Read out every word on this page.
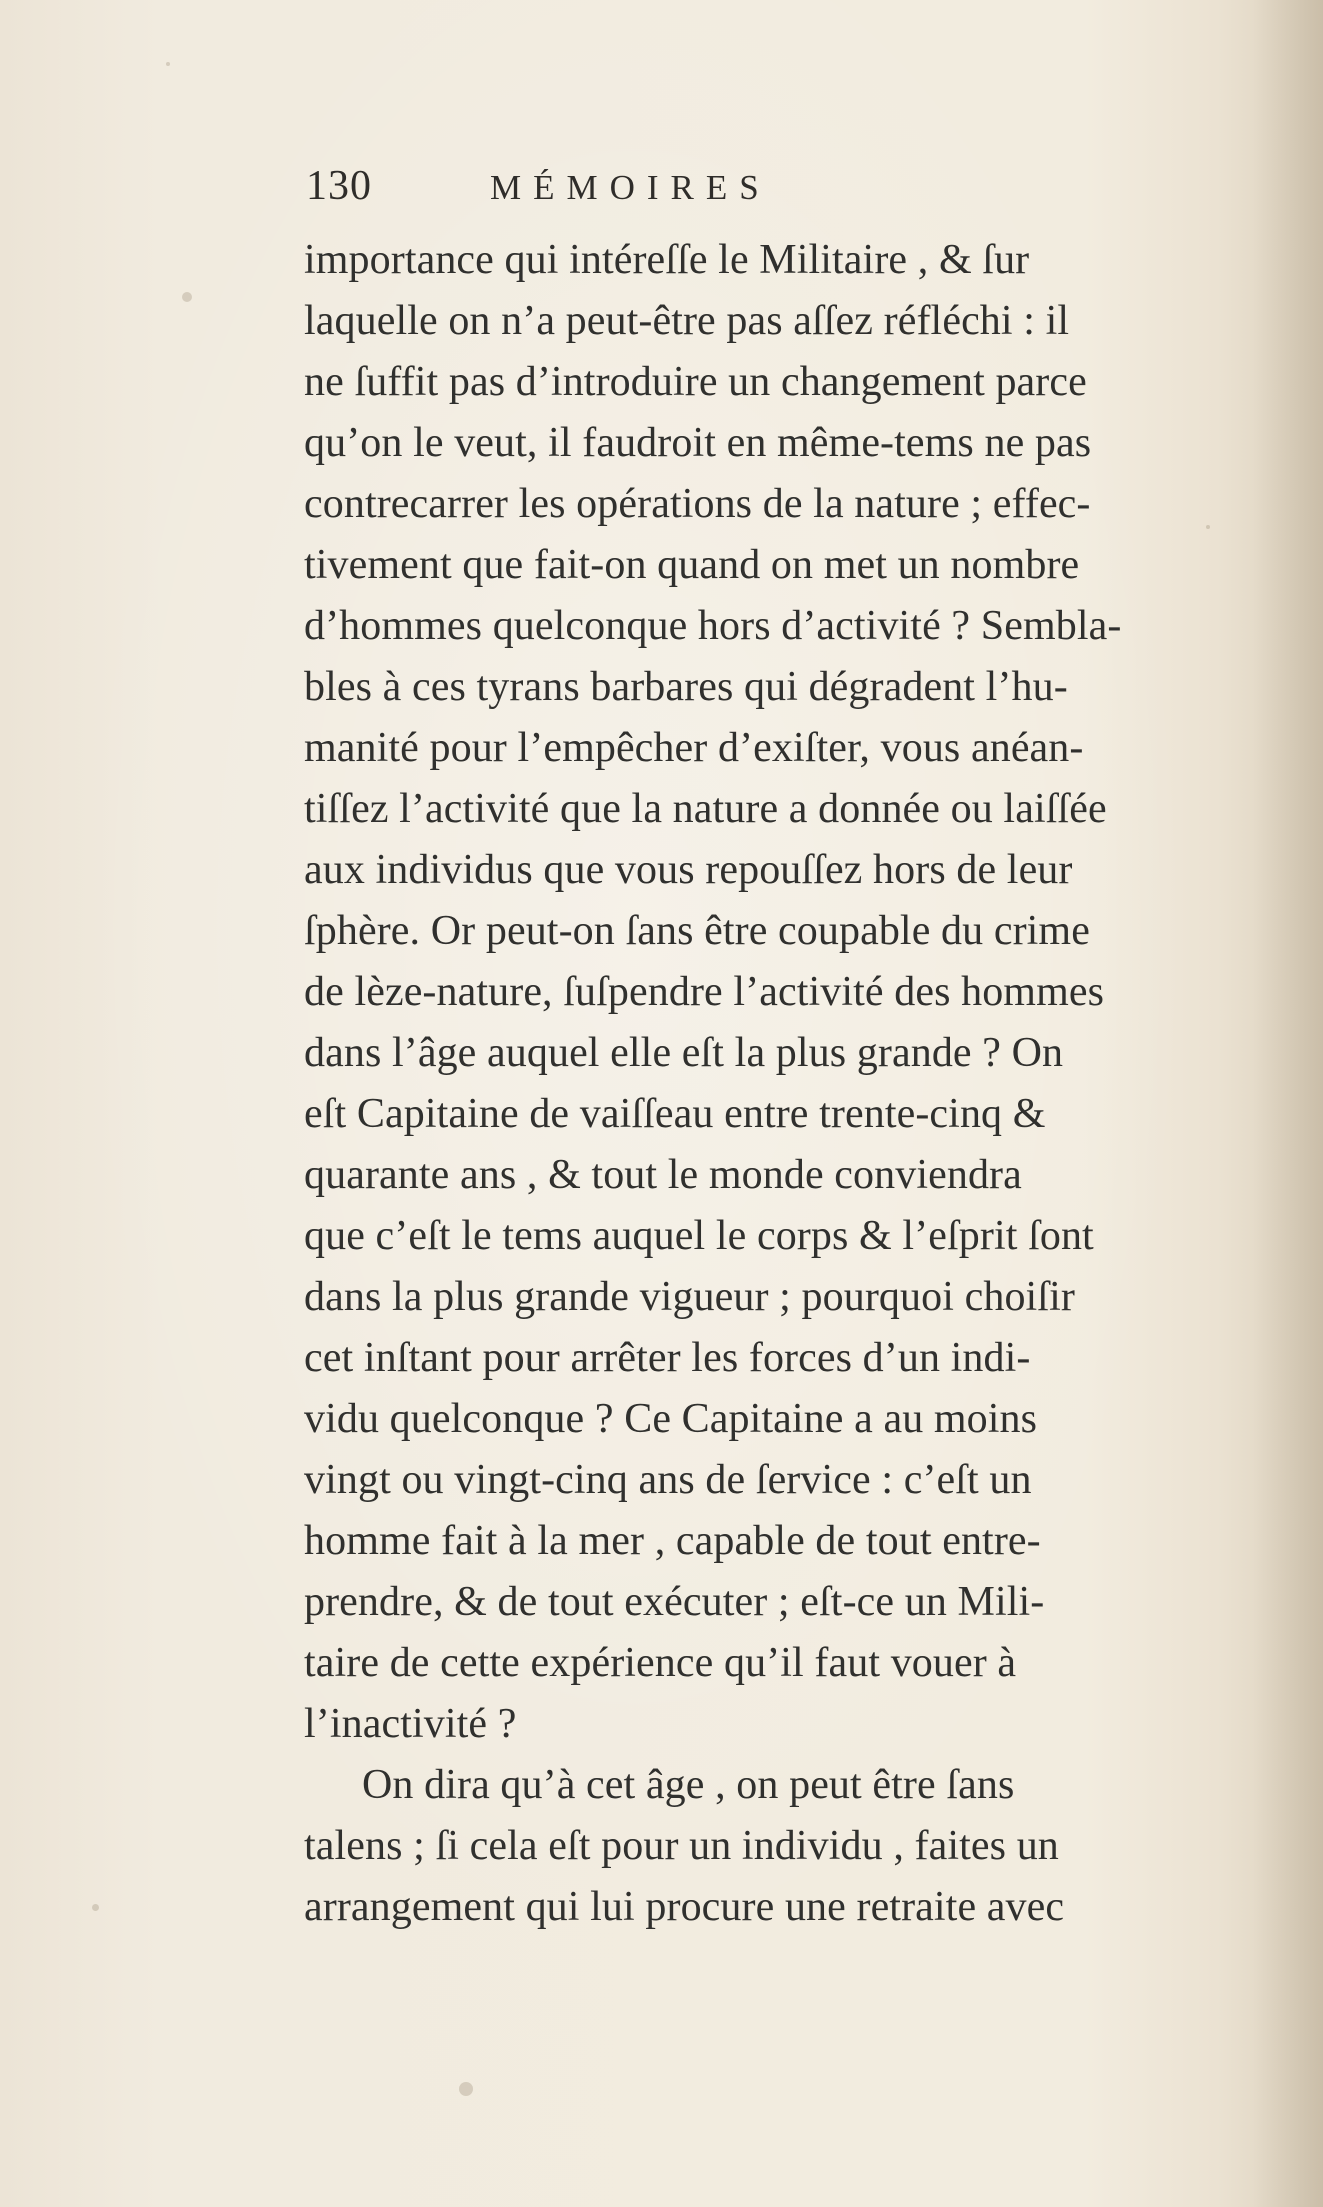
130	MÉMOIRES
importance qui intéreſſe le Militaire , & ſur
laquelle on n’a peut-être pas aſſez réfléchi : il
ne ſuffit pas d’introduire un changement parce
qu’on le veut, il faudroit en même-tems ne pas
contrecarrer les opérations de la nature ; effec-
tivement que fait-on quand on met un nombre
d’hommes quelconque hors d’activité ? Sembla-
bles à ces tyrans barbares qui dégradent l’hu-
manité pour l’empêcher d’exiſter, vous anéan-
tiſſez l’activité que la nature a donnée ou laiſſée
aux individus que vous repouſſez hors de leur
ſphère. Or peut-on ſans être coupable du crime
de lèze-nature, ſuſpendre l’activité des hommes
dans l’âge auquel elle eſt la plus grande ? On
eſt Capitaine de vaiſſeau entre trente-cinq &
quarante ans , & tout le monde conviendra
que c’eſt le tems auquel le corps & l’eſprit ſont
dans la plus grande vigueur ; pourquoi choiſir
cet inſtant pour arrêter les forces d’un indi-
vidu quelconque ? Ce Capitaine a au moins
vingt ou vingt-cinq ans de ſervice : c’eſt un
homme fait à la mer , capable de tout entre-
prendre, & de tout exécuter ; eſt-ce un Mili-
taire de cette expérience qu’il faut vouer à
l’inactivité ?
On dira qu’à cet âge , on peut être ſans
talens ; ſi cela eſt pour un individu , faites un
arrangement qui lui procure une retraite avec
